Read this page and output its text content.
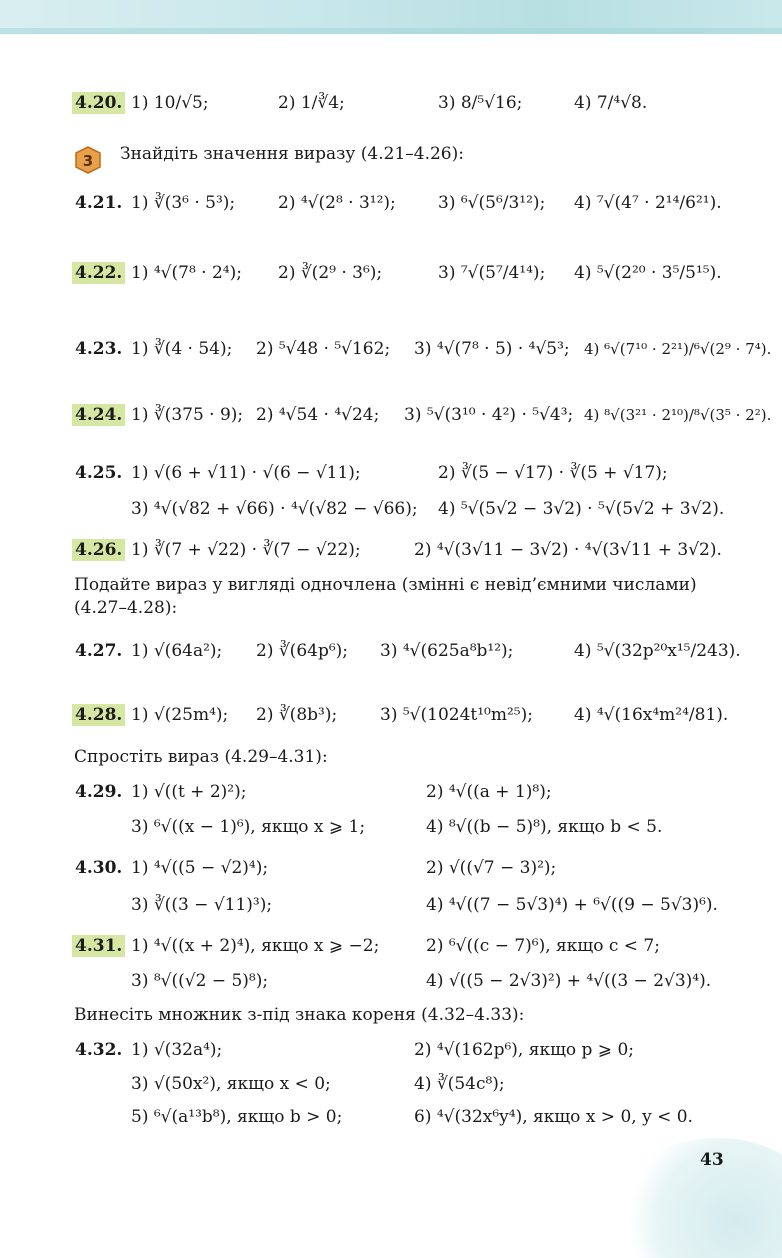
4.20. 1) 10/√5;	2) 1/∛4;	3) 8/⁵√16;	4) 7/⁴√8.
3 Знайдіть значення виразу (4.21–4.26):
4.21. 1) ∛(3⁶ · 5³);	2) ⁴√(2⁸ · 3¹²); 3) ⁶√(5⁶/3¹²); 4) ⁷√(4⁷ · 2¹⁴/6²¹).
4.22. 1) ⁴√(7⁸ · 2⁴); 2) ∛(2⁹ · 3⁶);	3) ⁷√(5⁷/4¹⁴); 4) ⁵√(2²⁰ · 3⁵/5¹⁵).
4.23. 1) ∛(4 · 54); 2) ⁵√48 · ⁵√162; 3) ⁴√(7⁸ · 5) · ⁴√5³; 4) ⁶√(7¹⁰ · 2²¹)/⁶√(2⁹ · 7⁴).
4.24. 1) ∛(375 · 9); 2) ⁴√54 · ⁴√24; 3) ⁵√(3¹⁰ · 4²) · ⁵√4³; 4) ⁸√(3²¹ · 2¹⁰)/⁸√(3⁵ · 2²).
4.25. 1) √(6 + √11) · √(6 − √11);	2) ∛(5 − √17) · ∛(5 + √17);
3) ⁴√(√82 + √66) · ⁴√(√82 − √66); 4) ⁵√(5√2 − 3√2) · ⁵√(5√2 + 3√2).
4.26. 1) ∛(7 + √22) · ∛(7 − √22);	2) ⁴√(3√11 − 3√2) · ⁴√(3√11 + 3√2).
Подайте вираз у вигляді одночлена (змінні є невід’ємними числами) (4.27–4.28):
4.27. 1) √(64a²); 2) ∛(64p⁶); 3) ⁴√(625a⁸b¹²);	4) ⁵√(32p²⁰x¹⁵/243).
4.28. 1) √(25m⁴); 2) ∛(8b³);	3) ⁵√(1024t¹⁰m²⁵); 4) ⁴√(16x⁴m²⁴/81).
Спростіть вираз (4.29–4.31):
4.29. 1) √((t + 2)²);	2) ⁴√((a + 1)⁸);
3) ⁶√((x − 1)⁶), якщо x ⩾ 1;	4) ⁸√((b − 5)⁸), якщо b < 5.
4.30. 1) ⁴√((5 − √2)⁴);	2) √((√7 − 3)²);
3) ∛((3 − √11)³);	4) ⁴√((7 − 5√3)⁴) + ⁶√((9 − 5√3)⁶).
4.31. 1) ⁴√((x + 2)⁴), якщо x ⩾ −2;	2) ⁶√((c − 7)⁶), якщо c < 7;
3) ⁸√((√2 − 5)⁸);	4) √((5 − 2√3)²) + ⁴√((3 − 2√3)⁴).
Винесіть множник з-під знака кореня (4.32–4.33):
4.32. 1) √(32a⁴);	2) ⁴√(162p⁶), якщо p ⩾ 0;
3) √(50x²), якщо x < 0;	4) ∛(54c⁸);
5) ⁶√(a¹³b⁸), якщо b > 0;	6) ⁴√(32x⁶y⁴), якщо x > 0, y < 0.
43
